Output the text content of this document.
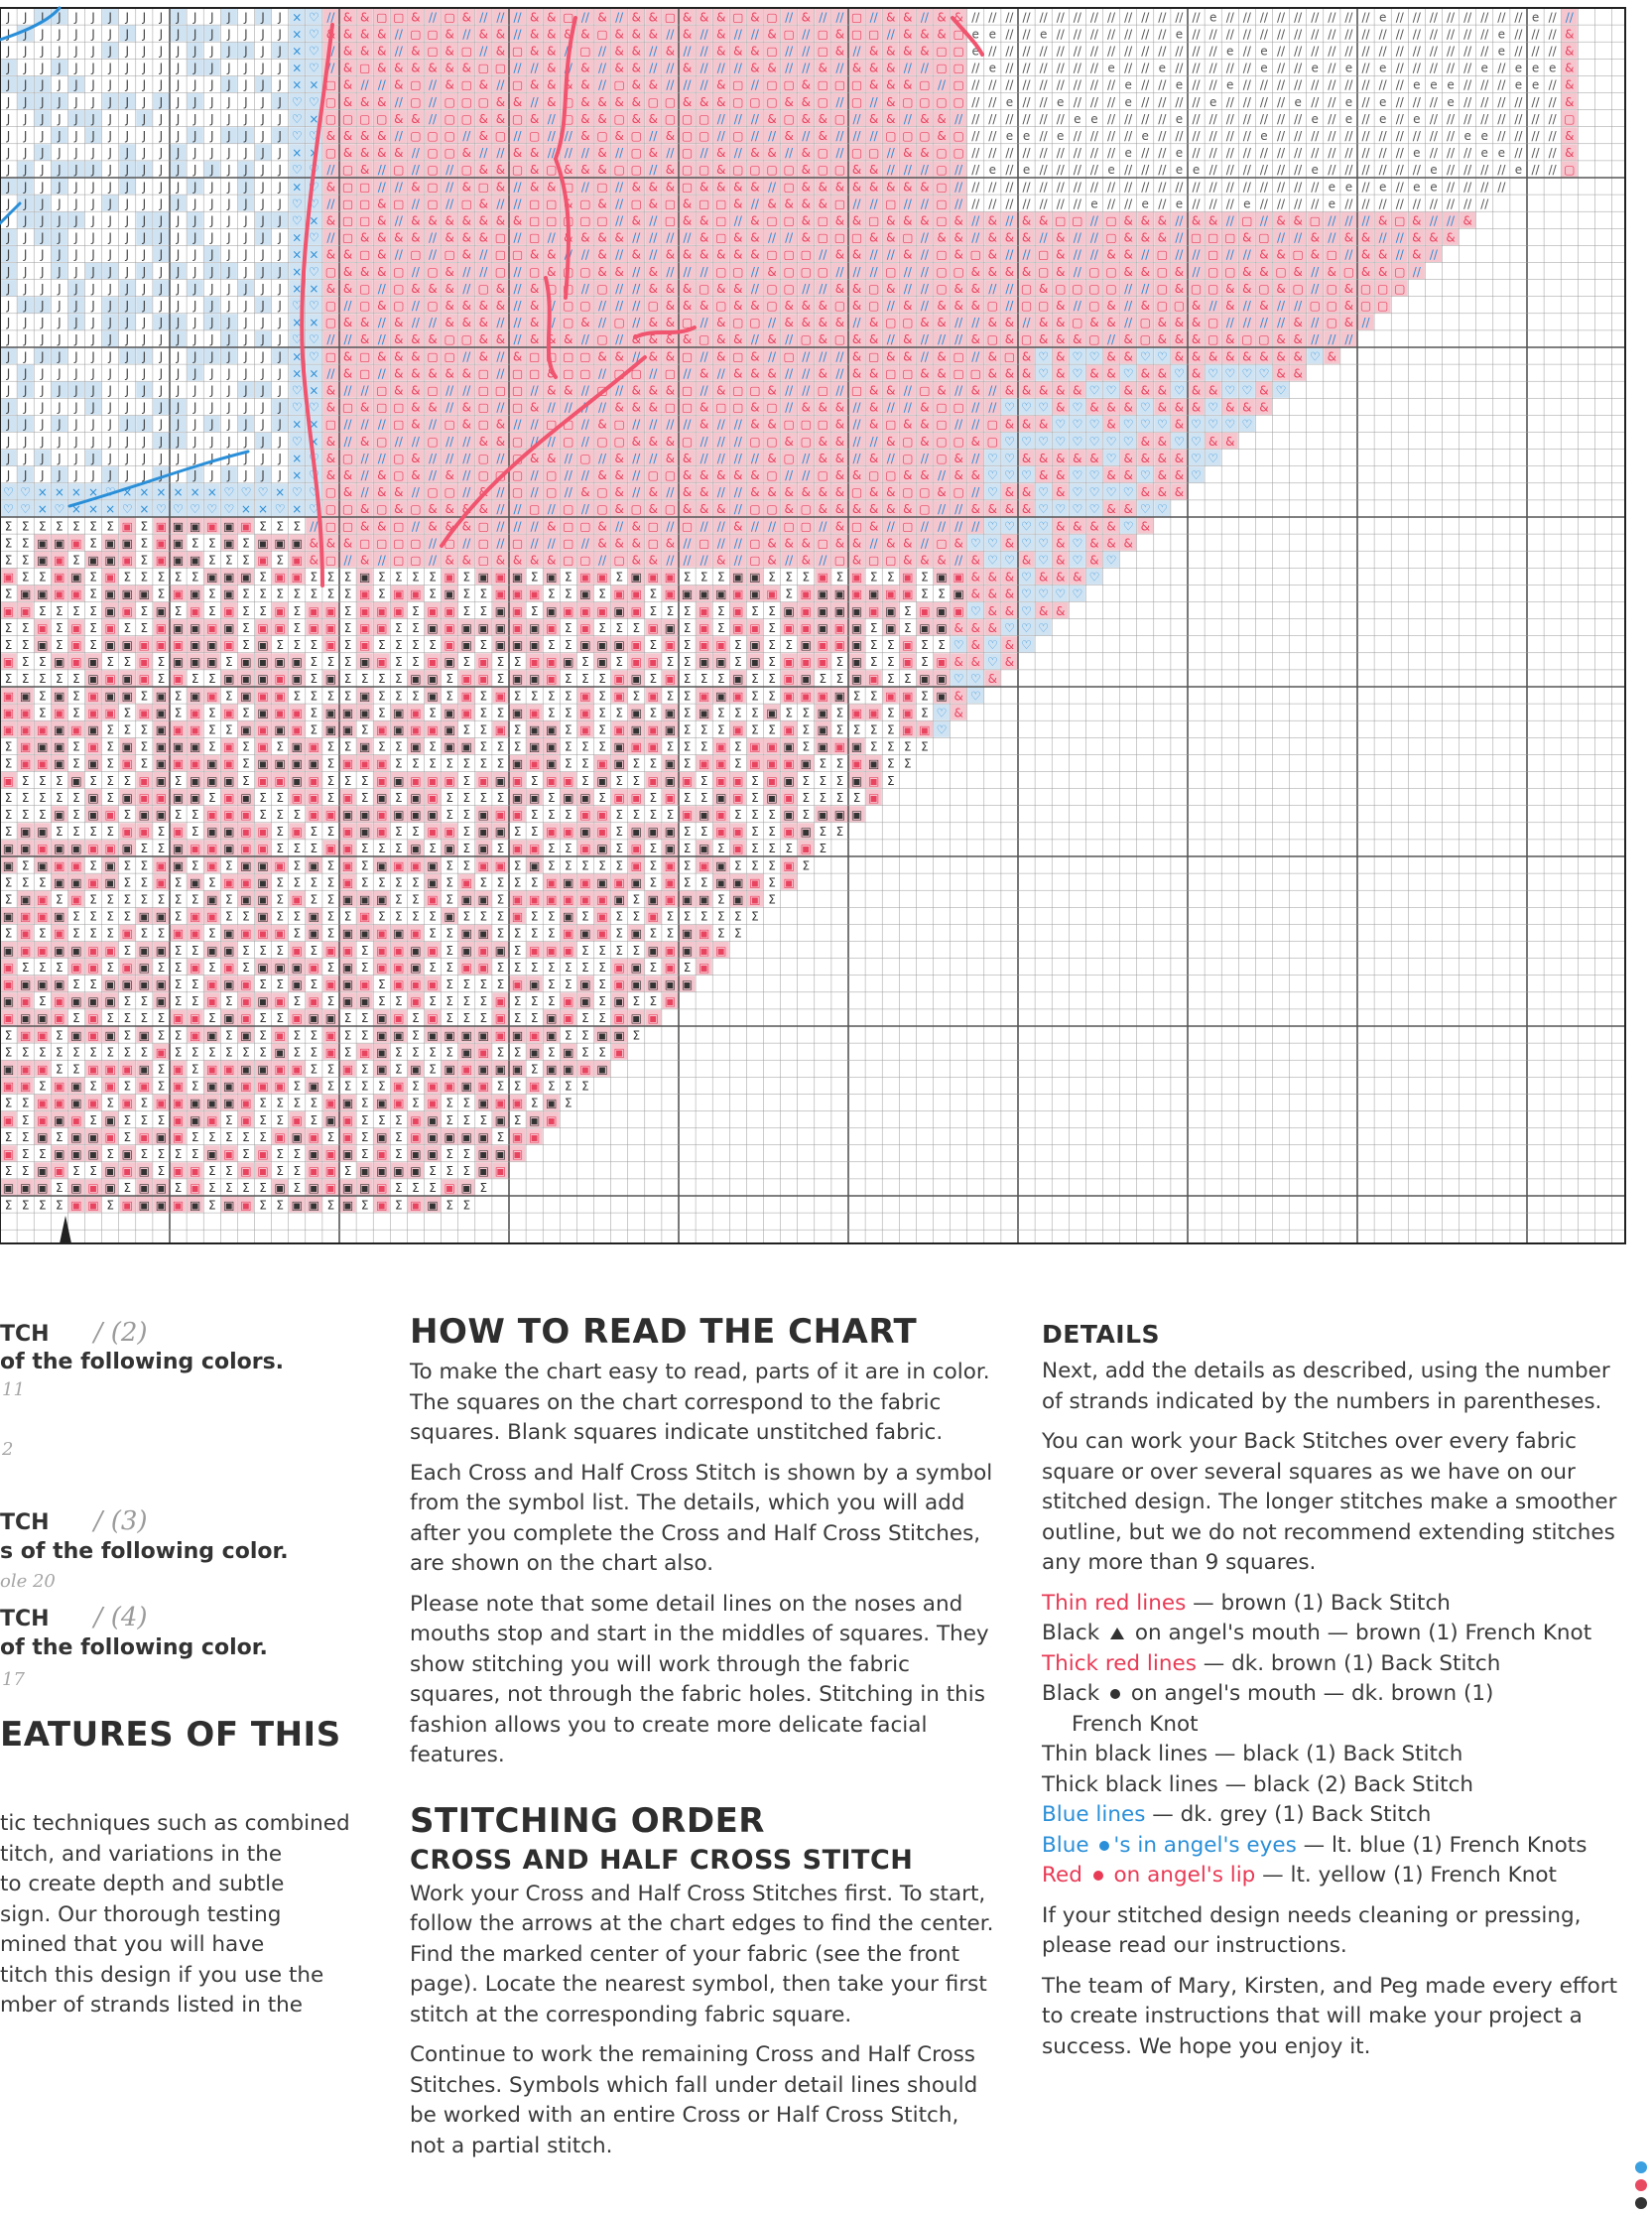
J J J J J J J J J J J J J J J J J × ♡ // & & ▢ ▢ & // ▢ & // // // & & ▢ // & // & & ▢ & & & ▢ & ▢ // & // // ▢ // & & // & & // // // // // // // // // // // // // // e // // // // // // // // // e // // // // // // // // e // //
J J J J J J J J J J J J J J J J J × ♡ & & & & // ▢ ▢ & // & & // & & & & ▢ & & & // & // & // // & ▢ // ▢ & ▢ ▢ // & & & ▢ e e // // e // // // // // // // e // // // // // // // // // // // // // // // // // // e // // // &
J J J J J J J J J J J J J J J J J × ♡ // & & & // & ▢ & ▢ // & ▢ & & // ▢ // & & // & // // & & & ▢ // // ▢ & // & & & & ▢ ▢ e // // // // // // // // // // // // // // e // e // // // // // // // // // // // // // e // // // &
J J J J J J J J J J J J J J J J J × ♡ // & ▢ & & & & & & ▢ ▢ // // & // & // & & // // & // // // & & // // & // & & & // // ▢ ▢ // e // // // // // // e // // e // // // // // e // // e // e // e // // // // // e // e e e &
J J J J J J J J J J J J J J J J J × × ▢ & // // & ▢ // & ▢ & // ▢ & & & & // ▢ & & // // // & ▢ // ▢ ▢ & ▢ ▢ ▢ & & & ▢ // ▢ // // // // // // // // // e // // e // // e // // // // // // // // // // e e e // // // e e // &
J J J J J J J J J J J J J J J J J ♡ ♡ ▢ & & & // ▢ // ▢ ▢ ▢ & & // & ▢ & & & & ▢ ▢ & & & ▢ ▢ ▢ & & ▢ // ▢ // & ▢ ▢ ▢ ▢ // // e // // e // // // e // // // // e // // // // e // // e // e // // // e // // // // // // &
J J J J J J J J J J J J J J J J J ♡ × ▢ ▢ ▢ ▢ & & // ▢ ▢ & & ▢ & // ▢ & & ▢ & & ▢ ▢ ▢ // // // & ▢ & & ▢ // & & // & & // // // // // // // e e // // // // e // // // // // // // e // e // e // e // // // // // // // // ▢
J J J J J J J J J J J J J J J J J ♡ ♡ & & & & // ▢ ▢ ▢ // & ▢ // ▢ // // & ▢ & ▢ // & ▢ ▢ // ▢ // // & // & // // // ▢ ▢ ▢ & ▢ // // e e // e // // // // e // // // // // // e // // // // // // // // // // // e e // // // // &
J J J J J J J J J J J J J J J J J × × ▢ & & & & // ▢ ▢ & // // & & // // // & // ▢ & // ▢ // & // & & // & ▢ // ▢ ▢ // & & ▢ ▢ // // // // // // // // // e // // e // // // // // // // // // // // // // e // // // e e // // // &
J J J J J J J J J J J J J J J J J ♡ ♡ // ▢ & // ▢ // ▢ // ▢ & & ▢ & ▢ & & & ▢ ▢ // & ▢ ▢ & ▢ ▢ ▢ ▢ & ▢ ▢ & & // // // ▢ // // e // e // // // // e // // // e e // // // // // // e // // // // // // e // // // // e // // ▢
J J J J J J J J J J J J J J J J J × ♡ & ▢ ▢ // // & ▢ // & ▢ & // & & ▢ // ▢ // & & & ▢ & & & & // ▢ & & & & & & & & ▢ // // // // // // // // // // // // // // // // // // // // // // e e // e // e e // // // //
J J J J J J J J J J J J J J J J J ♡ ♡ // ▢ ▢ & ▢ // ▢ // ▢ & // // ▢ ▢ & ▢ & // ▢ & ▢ & ▢ ▢ & // & & & & ▢ // // ▢ // // ▢ // // // // // // // // e // // e // e // // // e // // // // e // // // // // // // // //
J J J J J J J J J J J J J J J J J ♡ × & ▢ ▢ & // & & & & & & & ▢ ▢ ▢ ▢ ▢ // & // ▢ & & ▢ // & ▢ ▢ & ▢ & & ▢ & & & ▢ & // & // & & ▢ ▢ // ▢ & & & // & & // ▢ // & & ▢ // // // & ▢ & // // &
J J J J J J J J J J J J J J J J J × ♡ // ▢ & & & & // & & & ▢ // ▢ // & & & & // // // // & ▢ & & // // & ▢ ▢ ▢ & & ▢ // & & // & & & // & // // ▢ & & & // ▢ ▢ ▢ & ▢ // // & // & & // // & & &
J J J J J J J J J J J J J J J J J × × & & ▢ & // ▢ // ▢ & // ▢ ▢ & & // // & // & // & & & & & & ▢ ▢ ▢ // & & // // & // ▢ & ▢ & // // ▢ & // // & & // ▢ // // ▢ // // & & ▢ & ▢ // & & // & //
J J J J J J J J J J J J J J J J J × ♡ ▢ & & & ▢ // ▢ & // // ▢ // ▢ & ▢ ▢ & & // & // // // ▢ ▢ // & ▢ ▢ ▢ // // // ▢ // // ▢ ▢ & & & & ▢ & // ▢ ▢ & & ▢ & // ▢ ▢ & & ▢ & // & ▢ & & ▢ //
J J J J J J J J J J J J J J J J J × × & & ▢ // ▢ & & & // ▢ & // & ▢ ▢ // ▢ // // & & & ▢ & & // ▢ ▢ // // & & ▢ & // // ▢ & & // // ▢ & ▢ ▢ ▢ ▢ // // ▢ & ▢ ▢ & & ▢ & ▢ // ▢ & ▢ ▢ ▢
J J J J J J J J J J J J J J J J J ♡ ♡ ▢ // ▢ & ▢ // ▢ & & & & // & // ▢ ▢ // // // ▢ & & & ▢ & & ▢ & & & ▢ & ▢ // & // & & & ▢ // ▢ ▢ & // ▢ & // & ▢ ▢ & // & // & // // ▢ ▢ & ▢ ▢
J J J J J J J J J J J J J J J J J × × ▢ & & // & // // & & & // // & // ▢ & // ▢ // & & ▢ // & ▢ ▢ // & & & & // & ▢ ▢ & & // // & & // & & ▢ & & // ▢ & & & ▢ // // // // & // ▢ & //
J J J J J J J J J J J J J J J J J ♡ ♡ // // & // & & & ▢ ▢ & & // & & & // ▢ // & & & & ▢ & & // & // ▢ & ▢ & & // & // // // & ▢ & ▢ & & & ▢ // & ▢ & & & ▢ & ▢ ▢ & & // // //
J J J J J J J J J J J J J J J J J × ♡ ▢ & ▢ & & & ▢ ▢ // & // & ▢ ▢ ▢ ▢ & & // & & ▢ // & ▢ & // ▢ // // // & ▢ & & // & ▢ // & ▢ & ♡ & ♡ ♡ & & ♡ ♡ & & & & & & & & ♡ &
J J J J J J J J J J J J J J J J J × × // & ▢ // & & & & & ▢ // ▢ ▢ & ▢ ▢ // ▢ ▢ // ▢ // & // & & & // // & // & & ▢ ▢ & & ▢ ▢ & & & ♡ & ♡ & & ♡ & & ♡ & ♡ ♡ ♡ ♡ & &
J J J J J J J J J J J J J J J J J ♡ × & // // ▢ & & ▢ // // ▢ ▢ ▢ // & & // ▢ // & & & ▢ // & ▢ ▢ & // // ▢ // ▢ & & // ▢ & // & // & & & & & ♡ ♡ & & & ♡ & & ♡ ♡ & ♡
J J J J J J J J J J J J J J J J J ♡ ♡ & ▢ & ▢ ▢ & & // & ▢ // ▢ & // // // // & & & ▢ ▢ & ▢ ▢ & ▢ // & & & // & // // & ▢ ▢ // // ♡ ♡ ♡ & ♡ & & & ♡ & & & ♡ & & &
J J J J J J J J J J J J J J J J J × × ▢ // // // ▢ & // ▢ & ▢ & // // ▢ ▢ // & ▢ // // // // & // // & & ▢ ▢ ▢ & // & ▢ & & ▢ // // ▢ & & & ♡ ♡ ♡ & ♡ ♡ ♡ & ♡ ♡ ♡ ♡
J J J J J J J J J J J J J J J J J ♡ × & // & ▢ // // ▢ // // & & ▢ // // ▢ // ▢ ▢ & & & ▢ // // // ▢ ▢ & ▢ & & // // & ▢ & ▢ ▢ & ▢ ♡ ♡ ♡ ♡ ♡ ♡ ♡ ♡ & & ♡ ♡ & &
J J J J J J J J J J J J J J J J J × ♡ & ▢ // // ▢ & // // // ▢ // ▢ & & // ▢ // & // // & & // // // // & ▢ // & & // & // ▢ // ▢ & // ♡ ♡ & & & & & ♡ & & & & ♡ ♡
J J J J J J J J J J J J J J J J J × ♡ & & // & ▢ & // & // ▢ ▢ ▢ // ▢ // // & & // ▢ ▢ & & & & & ▢ // // ▢ & & ▢ ▢ & & // & & ♡ ♡ ♡ & & ♡ ♡ & & ♡ & & ♡
♡ ♡ × × × × ♡ × × × × × × ♡ ♡ ♡ × ♡ ♡ ▢ & // & & // ▢ ▢ // & // ▢ // ▢ // & ▢ & // & // & & // // & & & & & & ▢ & & ▢ ▢ & ▢ // ♡ & & ♡ & ♡ ♡ ♡ ♡ & & &
♡ ♡ × ♡ × × × ♡ × ♡ ♡ ♡ ♡ ♡ × × ♡ × ♡ ▢ ▢ & ▢ & ▢ & & & & // // ▢ // ▢ // ▢ & ▢ & ▢ & & & // ▢ ▢ & ▢ & & & & & & ▢ // // & & & & ♡ ♡ ♡ ♡ & & ♡ ♡
Σ Σ Σ Σ Σ Σ Σ ▣ Σ ▣ ▣ ▣ ▣ ▣ ▣ Σ Σ Σ // ▢ ▢ & & ▢ // & & & ▢ // // // & ▢ ▢ & // & ▢ // ▢ // // & // // ▢ ▢ // & ▢ & // ▢ // // // // ♡ ♡ ♡ ♡ & & & & ♡ &
Σ Σ ▣ ▣ ▣ Σ ▣ ▣ Σ ▣ ▣ Σ Σ ▣ Σ ▣ ▣ ▣ & & & ▢ ▢ ▢ ▢ // ▢ // ▢ // ▢ // // ▢ // & & & ▢ & // ▢ // // ▢ & & & ▢ & & // & & // ▢ & ♡ ♡ & ♡ ♡ & ♡ & & &
Σ Σ ▣ ▣ Σ ▣ ▣ ▣ Σ ▣ ▣ ▣ Σ Σ Σ ▣ Σ ▣ & ▢ // & // ▢ ▢ // & & ▢ & & & & ▢ ▢ // ▢ & & // // // & // ▢ & // & // ▢ & ▢ ▢ & & & // & ♡ ♡ & ♡ & ♡ & ♡
▣ Σ Σ ▣ ▣ Σ ▣ Σ Σ Σ Σ Σ ▣ ▣ ▣ Σ ▣ ▣ Σ Σ Σ ▣ Σ Σ Σ Σ ▣ Σ ▣ ▣ ▣ Σ ▣ Σ ▣ ▣ Σ ▣ ▣ ▣ Σ Σ Σ ▣ ▣ Σ Σ Σ ▣ Σ ▣ Σ Σ ▣ Σ ▣ ▣ & & & ♡ & & & ♡
Σ ▣ ▣ ▣ ▣ Σ ▣ ▣ ▣ Σ ▣ ▣ Σ ▣ Σ Σ Σ Σ Σ Σ Σ ▣ Σ ▣ ▣ Σ ▣ Σ Σ ▣ ▣ ▣ Σ Σ ▣ Σ ▣ ▣ Σ ▣ ▣ ▣ ▣ ▣ ▣ ▣ Σ ▣ ▣ ▣ ▣ ▣ ▣ ▣ Σ Σ ▣ & & & ♡ ♡ ♡ ♡
▣ ▣ Σ Σ Σ Σ ▣ ▣ Σ ▣ Σ ▣ Σ ▣ Σ Σ ▣ Σ ▣ ▣ Σ ▣ ▣ ▣ Σ ▣ ▣ Σ Σ ▣ ▣ Σ ▣ ▣ ▣ ▣ ▣ ▣ Σ Σ Σ ▣ Σ ▣ Σ Σ ▣ ▣ ▣ ▣ ▣ ▣ ▣ Σ ▣ ▣ ▣ ♡ & & ♡ & &
Σ Σ ▣ Σ ▣ Σ ▣ Σ Σ ▣ ▣ ▣ ▣ ▣ Σ ▣ ▣ Σ ▣ ▣ Σ ▣ ▣ Σ Σ ▣ ▣ ▣ ▣ ▣ ▣ ▣ ▣ Σ ▣ Σ Σ Σ ▣ ▣ Σ ▣ Σ ▣ ▣ Σ ▣ ▣ ▣ ▣ ▣ Σ ▣ Σ ▣ ▣ & & & ♡ ♡ ♡
Σ Σ ▣ Σ ▣ Σ ▣ ▣ ▣ ▣ ▣ ▣ ▣ ▣ Σ ▣ Σ Σ Σ ▣ Σ ▣ Σ Σ Σ Σ ▣ ▣ Σ ▣ ▣ ▣ Σ Σ ▣ ▣ ▣ ▣ Σ ▣ Σ ▣ ▣ Σ ▣ Σ Σ ▣ ▣ ▣ ▣ Σ Σ ▣ Σ Σ ♡ & ♡ & ♡
▣ Σ Σ ▣ ▣ ▣ Σ Σ ▣ Σ ▣ ▣ ▣ Σ ▣ ▣ ▣ ▣ Σ Σ Σ ▣ ▣ Σ Σ ▣ ▣ Σ ▣ Σ Σ ▣ ▣ ▣ Σ ▣ Σ ▣ ▣ Σ Σ ▣ ▣ Σ ▣ Σ ▣ ▣ ▣ Σ ▣ Σ Σ ▣ Σ ▣ & & ♡ &
Σ Σ Σ Σ Σ ▣ ▣ ▣ ▣ Σ ▣ Σ Σ ▣ ▣ ▣ ▣ ▣ Σ ▣ Σ Σ Σ Σ ▣ ▣ Σ ▣ ▣ Σ ▣ ▣ ▣ Σ Σ Σ ▣ ▣ Σ ▣ Σ Σ Σ ▣ Σ Σ ▣ ▣ Σ Σ ▣ ▣ Σ Σ ▣ ▣ ♡ ♡ &
▣ ▣ Σ ▣ Σ ▣ ▣ ▣ Σ ▣ Σ ▣ ▣ Σ ▣ ▣ ▣ Σ Σ Σ Σ ▣ Σ Σ Σ ▣ Σ ▣ Σ ▣ Σ Σ Σ Σ ▣ Σ ▣ Σ ▣ Σ Σ ▣ ▣ ▣ Σ Σ ▣ ▣ ▣ ▣ Σ Σ ▣ ▣ Σ ▣ & ♡
▣ ▣ Σ ▣ Σ ▣ ▣ Σ ▣ ▣ Σ ▣ Σ ▣ Σ ▣ ▣ ▣ Σ ▣ ▣ ▣ Σ ▣ ▣ Σ ▣ ▣ Σ Σ ▣ ▣ Σ Σ ▣ Σ Σ ▣ Σ ▣ Σ ▣ Σ Σ Σ ▣ Σ Σ ▣ Σ ▣ ▣ Σ ▣ Σ ♡ &
▣ ▣ ▣ ▣ ▣ ▣ Σ Σ Σ ▣ ▣ ▣ Σ Σ ▣ ▣ ▣ ▣ Σ ▣ ▣ Σ ▣ ▣ ▣ ▣ ▣ Σ Σ ▣ Σ ▣ ▣ Σ ▣ Σ ▣ ▣ ▣ ▣ Σ Σ Σ ▣ Σ Σ ▣ Σ ▣ Σ Σ Σ Σ ▣ ▣ ♡
Σ ▣ ▣ ▣ Σ ▣ Σ ▣ Σ ▣ ▣ ▣ Σ ▣ Σ ▣ Σ ▣ ▣ Σ Σ ▣ Σ Σ ▣ Σ ▣ ▣ Σ Σ Σ ▣ ▣ Σ Σ Σ ▣ ▣ ▣ Σ Σ Σ ▣ Σ ▣ ▣ ▣ Σ ▣ ▣ ▣ Σ Σ Σ Σ
Σ ▣ ▣ ▣ Σ ▣ Σ ▣ Σ ▣ ▣ ▣ ▣ ▣ Σ ▣ ▣ ▣ ▣ Σ ▣ ▣ ▣ Σ Σ Σ Σ Σ Σ Σ ▣ ▣ ▣ Σ Σ ▣ ▣ Σ Σ ▣ Σ ▣ ▣ Σ ▣ ▣ ▣ ▣ Σ Σ ▣ ▣ Σ Σ
▣ Σ Σ Σ ▣ Σ Σ Σ ▣ ▣ Σ ▣ ▣ ▣ Σ ▣ ▣ ▣ ▣ Σ Σ Σ ▣ ▣ ▣ ▣ ▣ Σ ▣ ▣ ▣ Σ ▣ ▣ Σ ▣ Σ Σ ▣ ▣ ▣ Σ ▣ ▣ Σ ▣ ▣ Σ Σ Σ ▣ ▣ Σ
Σ Σ Σ Σ Σ ▣ Σ ▣ ▣ ▣ ▣ ▣ Σ ▣ ▣ Σ Σ ▣ ▣ Σ ▣ Σ ▣ Σ ▣ ▣ Σ Σ Σ Σ ▣ ▣ Σ ▣ ▣ Σ ▣ ▣ Σ ▣ Σ Σ ▣ ▣ Σ ▣ ▣ Σ Σ Σ Σ ▣
Σ Σ Σ ▣ Σ ▣ ▣ Σ ▣ ▣ Σ Σ ▣ ▣ ▣ Σ Σ Σ ▣ ▣ ▣ ▣ ▣ ▣ ▣ ▣ Σ Σ ▣ ▣ ▣ Σ Σ Σ ▣ ▣ Σ Σ Σ Σ ▣ ▣ ▣ Σ Σ Σ ▣ Σ ▣ ▣ ▣
Σ ▣ ▣ Σ Σ Σ Σ ▣ ▣ Σ ▣ Σ ▣ ▣ ▣ ▣ Σ ▣ Σ Σ ▣ ▣ ▣ Σ Σ ▣ ▣ Σ ▣ ▣ Σ Σ ▣ ▣ ▣ ▣ Σ ▣ ▣ ▣ Σ Σ ▣ ▣ Σ Σ ▣ ▣ Σ Σ
▣ ▣ ▣ ▣ ▣ ▣ ▣ ▣ Σ Σ ▣ ▣ ▣ ▣ ▣ ▣ Σ Σ Σ ▣ ▣ Σ Σ Σ ▣ Σ ▣ Σ ▣ Σ ▣ ▣ Σ Σ ▣ ▣ Σ ▣ Σ ▣ Σ ▣ Σ ▣ Σ Σ Σ ▣ Σ
▣ Σ ▣ ▣ ▣ Σ ▣ Σ Σ ▣ ▣ Σ ▣ Σ ▣ ▣ ▣ Σ ▣ Σ ▣ Σ ▣ ▣ ▣ ▣ Σ Σ ▣ ▣ Σ ▣ Σ Σ Σ Σ Σ ▣ Σ ▣ Σ ▣ ▣ Σ Σ Σ ▣ Σ
Σ Σ Σ ▣ ▣ ▣ ▣ Σ Σ ▣ Σ ▣ Σ ▣ ▣ ▣ Σ Σ Σ Σ ▣ Σ Σ Σ Σ ▣ Σ ▣ Σ Σ Σ Σ ▣ ▣ ▣ ▣ ▣ ▣ Σ ▣ Σ Σ ▣ ▣ ▣ Σ ▣
Σ ▣ ▣ Σ ▣ Σ Σ Σ Σ Σ Σ Σ ▣ Σ ▣ ▣ Σ ▣ Σ Σ ▣ ▣ ▣ Σ Σ ▣ Σ ▣ ▣ Σ ▣ ▣ ▣ ▣ ▣ ▣ ▣ Σ ▣ ▣ ▣ ▣ Σ ▣ ▣ Σ
▣ ▣ ▣ ▣ Σ Σ Σ Σ ▣ ▣ Σ ▣ ▣ Σ Σ ▣ Σ Σ ▣ Σ Σ ▣ Σ Σ Σ Σ ▣ Σ Σ Σ ▣ Σ Σ ▣ Σ ▣ Σ Σ ▣ Σ Σ Σ Σ Σ Σ
Σ ▣ Σ ▣ Σ Σ Σ ▣ Σ Σ ▣ ▣ Σ ▣ ▣ ▣ ▣ Σ ▣ Σ ▣ ▣ ▣ ▣ ▣ Σ Σ ▣ ▣ Σ Σ Σ Σ ▣ ▣ ▣ Σ ▣ Σ Σ ▣ ▣ Σ Σ
▣ ▣ ▣ ▣ ▣ ▣ ▣ Σ ▣ ▣ Σ Σ ▣ ▣ Σ Σ Σ ▣ Σ ▣ ▣ Σ ▣ ▣ ▣ ▣ Σ ▣ ▣ ▣ Σ ▣ ▣ ▣ Σ Σ Σ Σ ▣ ▣ ▣ ▣ ▣
▣ Σ Σ Σ ▣ ▣ Σ ▣ ▣ Σ Σ ▣ Σ ▣ Σ ▣ ▣ ▣ ▣ Σ ▣ Σ ▣ ▣ ▣ Σ Σ ▣ ▣ Σ Σ Σ Σ Σ Σ Σ ▣ ▣ Σ ▣ Σ ▣
▣ ▣ ▣ ▣ Σ Σ ▣ ▣ ▣ ▣ Σ Σ ▣ ▣ ▣ Σ Σ ▣ Σ ▣ ▣ ▣ Σ ▣ ▣ ▣ Σ Σ Σ Σ ▣ ▣ Σ Σ ▣ Σ ▣ ▣ ▣ ▣ ▣
▣ ▣ Σ ▣ ▣ ▣ ▣ Σ Σ ▣ Σ Σ ▣ Σ ▣ ▣ ▣ Σ ▣ Σ ▣ ▣ Σ Σ ▣ Σ Σ Σ Σ ▣ Σ Σ Σ ▣ ▣ Σ ▣ Σ Σ ▣
▣ ▣ ▣ ▣ Σ ▣ Σ Σ Σ Σ ▣ ▣ Σ ▣ ▣ Σ Σ ▣ ▣ ▣ Σ Σ ▣ ▣ Σ ▣ Σ Σ Σ ▣ Σ Σ ▣ ▣ Σ Σ ▣ ▣ ▣
Σ ▣ ▣ Σ ▣ ▣ ▣ Σ ▣ Σ Σ ▣ ▣ Σ ▣ Σ ▣ Σ Σ ▣ Σ Σ ▣ ▣ Σ ▣ ▣ ▣ ▣ ▣ ▣ ▣ ▣ Σ Σ ▣ ▣ Σ
Σ Σ Σ Σ Σ Σ Σ Σ Σ ▣ Σ Σ Σ Σ Σ Σ ▣ Σ Σ ▣ Σ ▣ ▣ Σ Σ Σ Σ ▣ ▣ Σ Σ ▣ Σ ▣ Σ Σ ▣
▣ ▣ ▣ Σ Σ ▣ ▣ ▣ ▣ Σ ▣ Σ ▣ ▣ ▣ ▣ ▣ ▣ Σ Σ ▣ Σ ▣ Σ ▣ Σ ▣ ▣ ▣ ▣ ▣ Σ ▣ ▣ ▣ ▣
▣ ▣ Σ ▣ ▣ Σ ▣ Σ ▣ Σ ▣ Σ ▣ ▣ ▣ ▣ ▣ Σ ▣ Σ Σ Σ Σ ▣ Σ ▣ ▣ ▣ ▣ Σ Σ ▣ Σ Σ Σ
Σ Σ ▣ ▣ ▣ ▣ Σ ▣ Σ ▣ ▣ ▣ ▣ ▣ ▣ Σ Σ Σ Σ ▣ ▣ Σ ▣ ▣ Σ ▣ Σ Σ ▣ ▣ ▣ Σ ▣ Σ
▣ Σ ▣ ▣ ▣ Σ ▣ Σ Σ Σ ▣ ▣ ▣ Σ ▣ Σ Σ ▣ Σ ▣ ▣ Σ Σ Σ ▣ ▣ Σ Σ Σ ▣ Σ ▣ ▣
Σ Σ ▣ Σ ▣ ▣ ▣ Σ ▣ ▣ ▣ Σ Σ Σ Σ Σ ▣ ▣ ▣ Σ ▣ Σ ▣ Σ ▣ ▣ ▣ ▣ ▣ Σ ▣ ▣
▣ Σ Σ ▣ ▣ ▣ Σ ▣ Σ Σ Σ Σ ▣ ▣ Σ ▣ Σ Σ ▣ ▣ ▣ Σ ▣ Σ ▣ ▣ Σ Σ ▣ ▣ ▣
Σ Σ ▣ ▣ Σ Σ ▣ ▣ ▣ Σ ▣ ▣ Σ Σ ▣ ▣ Σ Σ ▣ ▣ Σ ▣ ▣ ▣ ▣ Σ Σ Σ ▣ ▣
▣ ▣ ▣ Σ ▣ ▣ ▣ Σ ▣ ▣ Σ ▣ Σ Σ Σ Σ ▣ Σ ▣ ▣ ▣ ▣ ▣ Σ Σ Σ ▣ ▣ Σ
Σ Σ Σ Σ ▣ ▣ Σ ▣ ▣ ▣ ▣ ▣ Σ ▣ ▣ Σ Σ ▣ ▣ Σ ▣ Σ ▣ Σ ▣ ▣ Σ Σ
TCH / (2)
of the following colors.
11
2
TCH / (3)
s of the following color.
ole 20
TCH / (4)
of the following color.
17
EATURES OF THIS
tic techniques such as combined
titch, and variations in the
to create depth and subtle
sign. Our thorough testing
mined that you will have
titch this design if you use the
mber of strands listed in the
HOW TO READ THE CHART

To make the chart easy to read, parts of it are in color. The squares on the chart correspond to the fabric squares. Blank squares indicate unstitched fabric.

Each Cross and Half Cross Stitch is shown by a symbol from the symbol list. The details, which you will add after you complete the Cross and Half Cross Stitches, are shown on the chart also.

Please note that some detail lines on the noses and mouths stop and start in the middles of squares. They show stitching you will work through the fabric squares, not through the fabric holes. Stitching in this fashion allows you to create more delicate facial features.

STITCHING ORDER
CROSS AND HALF CROSS STITCH

Work your Cross and Half Cross Stitches first. To start, follow the arrows at the chart edges to find the center. Find the marked center of your fabric (see the front page). Locate the nearest symbol, then take your first stitch at the corresponding fabric square.

Continue to work the remaining Cross and Half Cross Stitches. Symbols which fall under detail lines should be worked with an entire Cross or Half Cross Stitch, not a partial stitch.

DETAILS

Next, add the details as described, using the number of strands indicated by the numbers in parentheses.

You can work your Back Stitches over every fabric square or over several squares as we have on our stitched design. The longer stitches make a smoother outline, but we do not recommend extending stitches any more than 9 squares.

Thin red lines — brown (1) Back Stitch

Black  on angel's mouth — brown (1) French Knot

Thick red lines — dk. brown (1) Back Stitch

Black  on angel's mouth — dk. brown (1)

French Knot

Thin black lines — black (1) Back Stitch

Thick black lines — black (2) Back Stitch

Blue lines — dk. grey (1) Back Stitch

Blue 's in angel's eyes — lt. blue (1) French Knots

Red  on angel's lip — lt. yellow (1) French Knot

If your stitched design needs cleaning or pressing, please read our instructions.

The team of Mary, Kirsten, and Peg made every effort to create instructions that will make your project a success. We hope you enjoy it.
